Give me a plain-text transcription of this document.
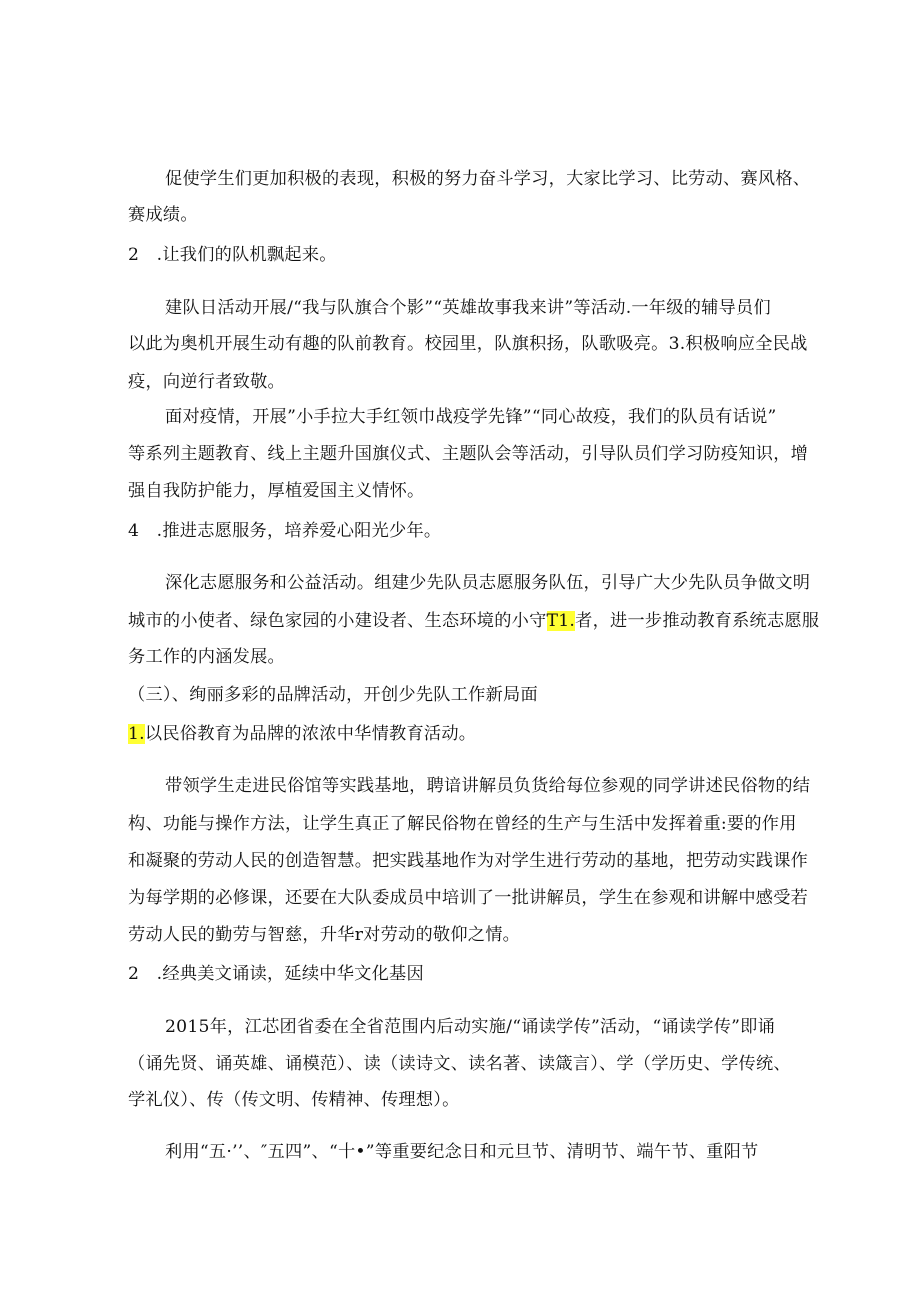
促使学生们更加积极的表现，积极的努力奋斗学习，大家比学习、比劳动、赛风格、
赛成绩。
2　.让我们的队机飘起来。
建队日活动开展/“我与队旗合个影”“英雄故事我来讲”等活动.一年级的辅导员们
以此为奥机开展生动有趣的队前教育。校园里，队旗积扬，队歌吸亮。3.积极响应全民战
疫，向逆行者致敬。
面对疫情，开展”小手拉大手红领巾战疫学先锋”“同心故疫，我们的队员有话说”
等系列主题教育、线上主题升国旗仪式、主题队会等活动，引导队员们学习防疫知识，增
强自我防护能力，厚植爱国主义情怀。
4　.推进志愿服务，培养爱心阳光少年。
深化志愿服务和公益活动。组建少先队员志愿服务队伍，引导广大少先队员争做文明
城市的小使者、绿色家园的小建设者、生态环境的小守T1.者，进一步推动教育系统志愿服
务工作的内涵发展。
（三）、绚丽多彩的品牌活动，开创少先队工作新局面
1.以民俗教育为品牌的浓浓中华情教育活动。
带领学生走进民俗馆等实践基地，聘谙讲解员负货给每位参观的同学讲述民俗物的结
构、功能与操作方法，让学生真正了解民俗物在曾经的生产与生活中发挥着重:要的作用
和凝聚的劳动人民的创造智慧。把实践基地作为对学生进行劳动的基地，把劳动实践课作
为每学期的必修课，还要在大队委成员中培训了一批讲解员，学生在参观和讲解中感受若
劳动人民的勤劳与智慈，升华r对劳动的敬仰之情。
2　.经典美文诵读，延续中华文化基因
2015年，江芯团省委在全省范围内后动实施/“诵读学传”活动，“诵读学传”即诵
（诵先贤、诵英雄、诵模范）、读（读诗文、读名著、读箴言）、学（学历史、学传统、
学礼仪）、传（传文明、传精神、传理想）。
利用“五·’’、″五四”、“十•”等重要纪念日和元旦节、清明节、端午节、重阳节
